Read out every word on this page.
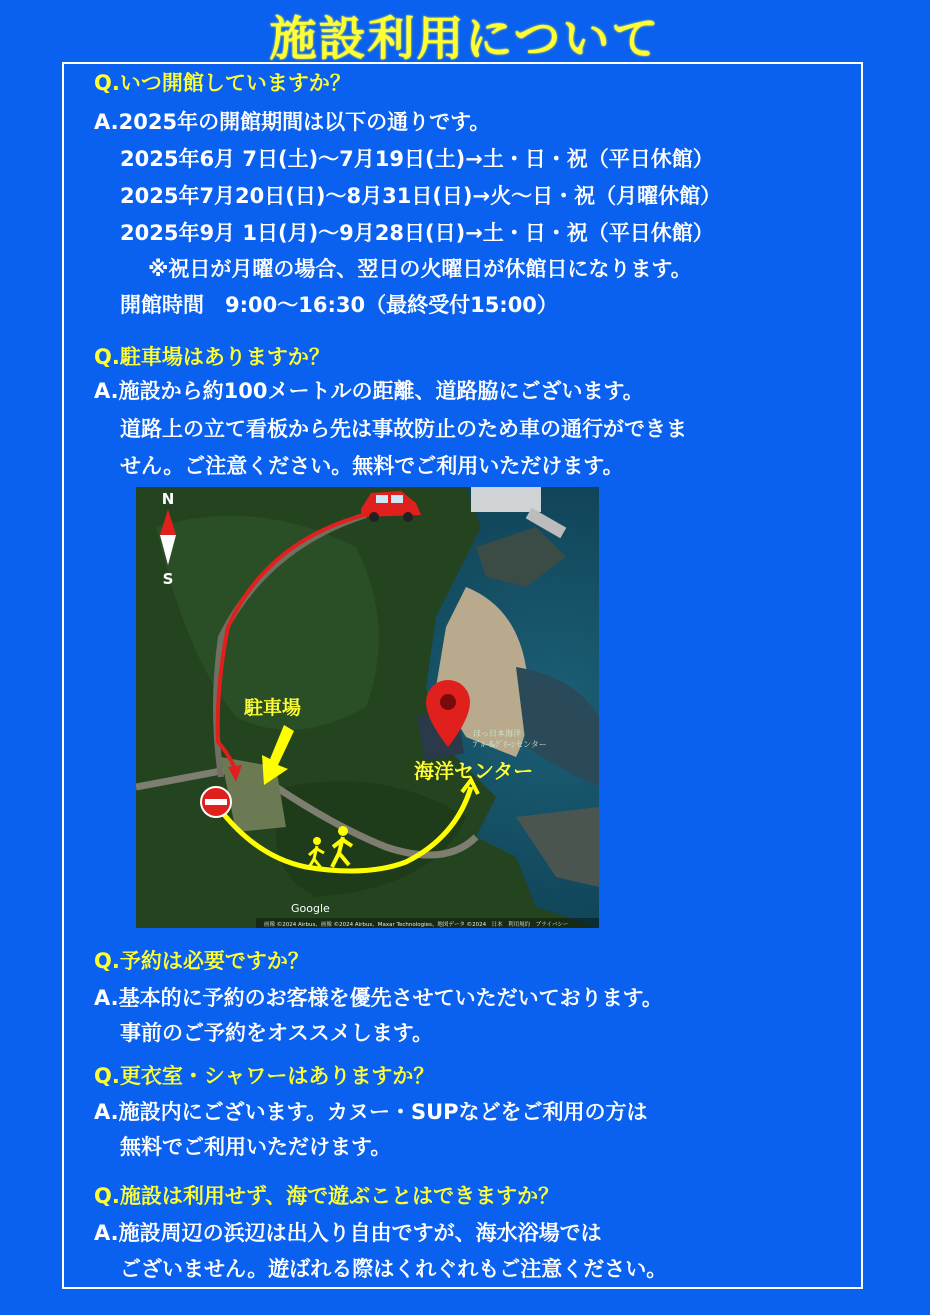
施設利用について
Q.いつ開館していますか？
A.2025年の開館期間は以下の通りです。
2025年6月 7日(土)〜7月19日(土)→土・日・祝（平日休館）
2025年7月20日(日)〜8月31日(日)→火〜日・祝（月曜休館）
2025年9月 1日(月)〜9月28日(日)→土・日・祝（平日休館）
※祝日が月曜の場合、翌日の火曜日が休館日になります。
開館時間　9:00〜16:30（最終受付15:00）
Q.駐車場はありますか？
A.施設から約100メートルの距離、道路脇にございます。
道路上の立て看板から先は事故防止のため車の通行ができま
せん。ご注意ください。無料でご利用いただけます。
N
S
駐車場
ほっ日本海洋
ﾌﾞﾙｰ&ｸﾞﾘｰﾝセンター
海洋センター
Google
画像 ©2024 Airbus、画像 ©2024 Airbus、Maxar Technologies、地図データ ©2024　日本　利用規約　プライバシー
Q.予約は必要ですか？
A.基本的に予約のお客様を優先させていただいております。
事前のご予約をオススメします。
Q.更衣室・シャワーはありますか？
A.施設内にございます。カヌー・SUPなどをご利用の方は
無料でご利用いただけます。
Q.施設は利用せず、海で遊ぶことはできますか？
A.施設周辺の浜辺は出入り自由ですが、海水浴場では
ございません。遊ばれる際はくれぐれもご注意ください。
